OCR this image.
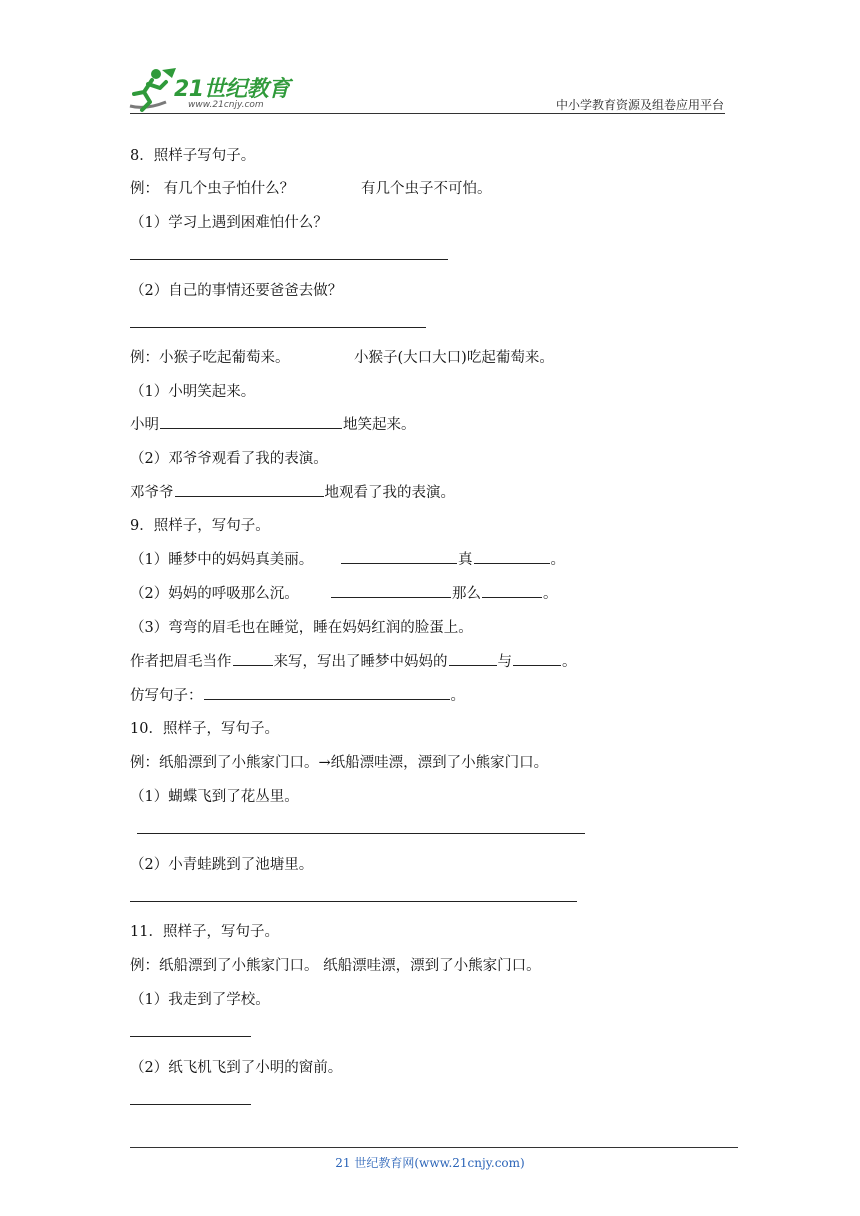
21世纪教育
www.21cnjy.com	中小学教育资源及组卷应用平台
8．照样子写句子。
例： 有几个虫子怕什么？	有几个虫子不可怕。
（1）学习上遇到困难怕什么？
（2）自己的事情还要爸爸去做？
例：小猴子吃起葡萄来。	小猴子(大口大口)吃起葡萄来。
（1）小明笑起来。
小明	地笑起来。
（2）邓爷爷观看了我的表演。
邓爷爷	地观看了我的表演。
9．照样子，写句子。
（1）睡梦中的妈妈真美丽。	真	。
（2）妈妈的呼吸那么沉。	那么	。
（3）弯弯的眉毛也在睡觉，睡在妈妈红润的脸蛋上。
作者把眉毛当作	来写，写出了睡梦中妈妈的	与	。
仿写句子：	。
10．照样子，写句子。
例：纸船漂到了小熊家门口。→纸船漂哇漂，漂到了小熊家门口。
（1）蝴蝶飞到了花丛里。
（2）小青蛙跳到了池塘里。
11．照样子，写句子。
例：纸船漂到了小熊家门口。 纸船漂哇漂，漂到了小熊家门口。
（1）我走到了学校。
（2）纸飞机飞到了小明的窗前。
21 世纪教育网(www.21cnjy.com)
